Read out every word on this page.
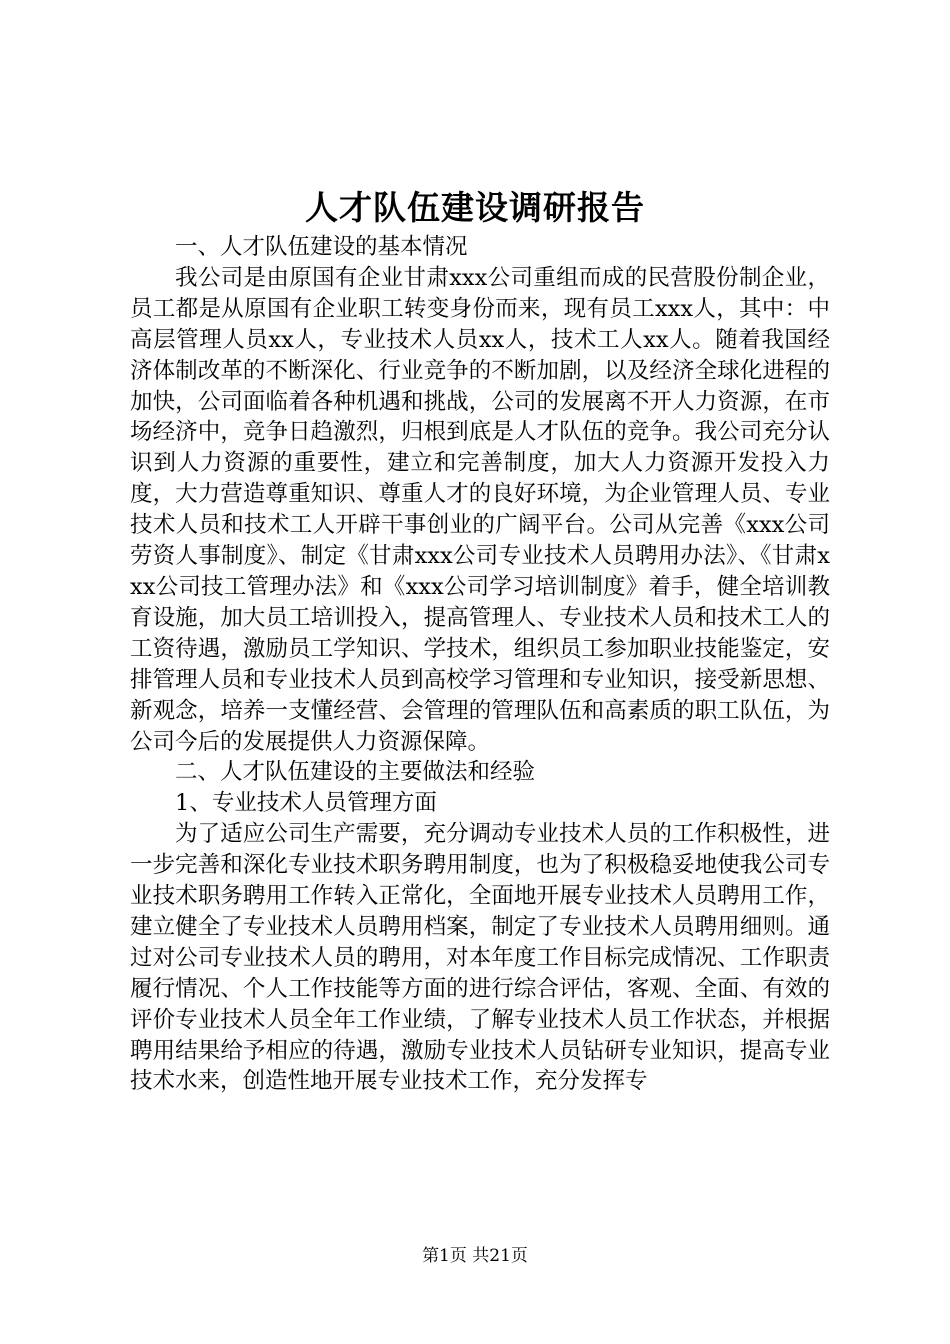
人才队伍建设调研报告

一、人才队伍建设的基本情况

我公司是由原国有企业甘肃xxx公司重组而成的民营股份制企业，员工都是从原国有企业职工转变身份而来，现有员工xxx人，其中：中高层管理人员xx人，专业技术人员xx人，技术工人xx人。随着我国经济体制改革的不断深化、行业竞争的不断加剧，以及经济全球化进程的加快，公司面临着各种机遇和挑战，公司的发展离不开人力资源，在市场经济中，竞争日趋激烈，归根到底是人才队伍的竞争。我公司充分认识到人力资源的重要性，建立和完善制度，加大人力资源开发投入力度，大力营造尊重知识、尊重人才的良好环境，为企业管理人员、专业技术人员和技术工人开辟干事创业的广阔平台。公司从完善《xxx公司劳资人事制度》、制定《甘肃xxx公司专业技术人员聘用办法》、《甘肃xxx公司技工管理办法》和《xxx公司学习培训制度》着手，健全培训教育设施，加大员工培训投入，提高管理人、专业技术人员和技术工人的工资待遇，激励员工学知识、学技术，组织员工参加职业技能鉴定，安排管理人员和专业技术人员到高校学习管理和专业知识，接受新思想、新观念，培养一支懂经营、会管理的管理队伍和高素质的职工队伍，为公司今后的发展提供人力资源保障。

二、人才队伍建设的主要做法和经验

1、专业技术人员管理方面

为了适应公司生产需要，充分调动专业技术人员的工作积极性，进一步完善和深化专业技术职务聘用制度，也为了积极稳妥地使我公司专业技术职务聘用工作转入正常化，全面地开展专业技术人员聘用工作，建立健全了专业技术人员聘用档案，制定了专业技术人员聘用细则。通过对公司专业技术人员的聘用，对本年度工作目标完成情况、工作职责履行情况、个人工作技能等方面的进行综合评估，客观、全面、有效的评价专业技术人员全年工作业绩，了解专业技术人员工作状态，并根据聘用结果给予相应的待遇，激励专业技术人员钻研专业知识，提高专业技术水来，创造性地开展专业技术工作，充分发挥专

第1页 共21页
